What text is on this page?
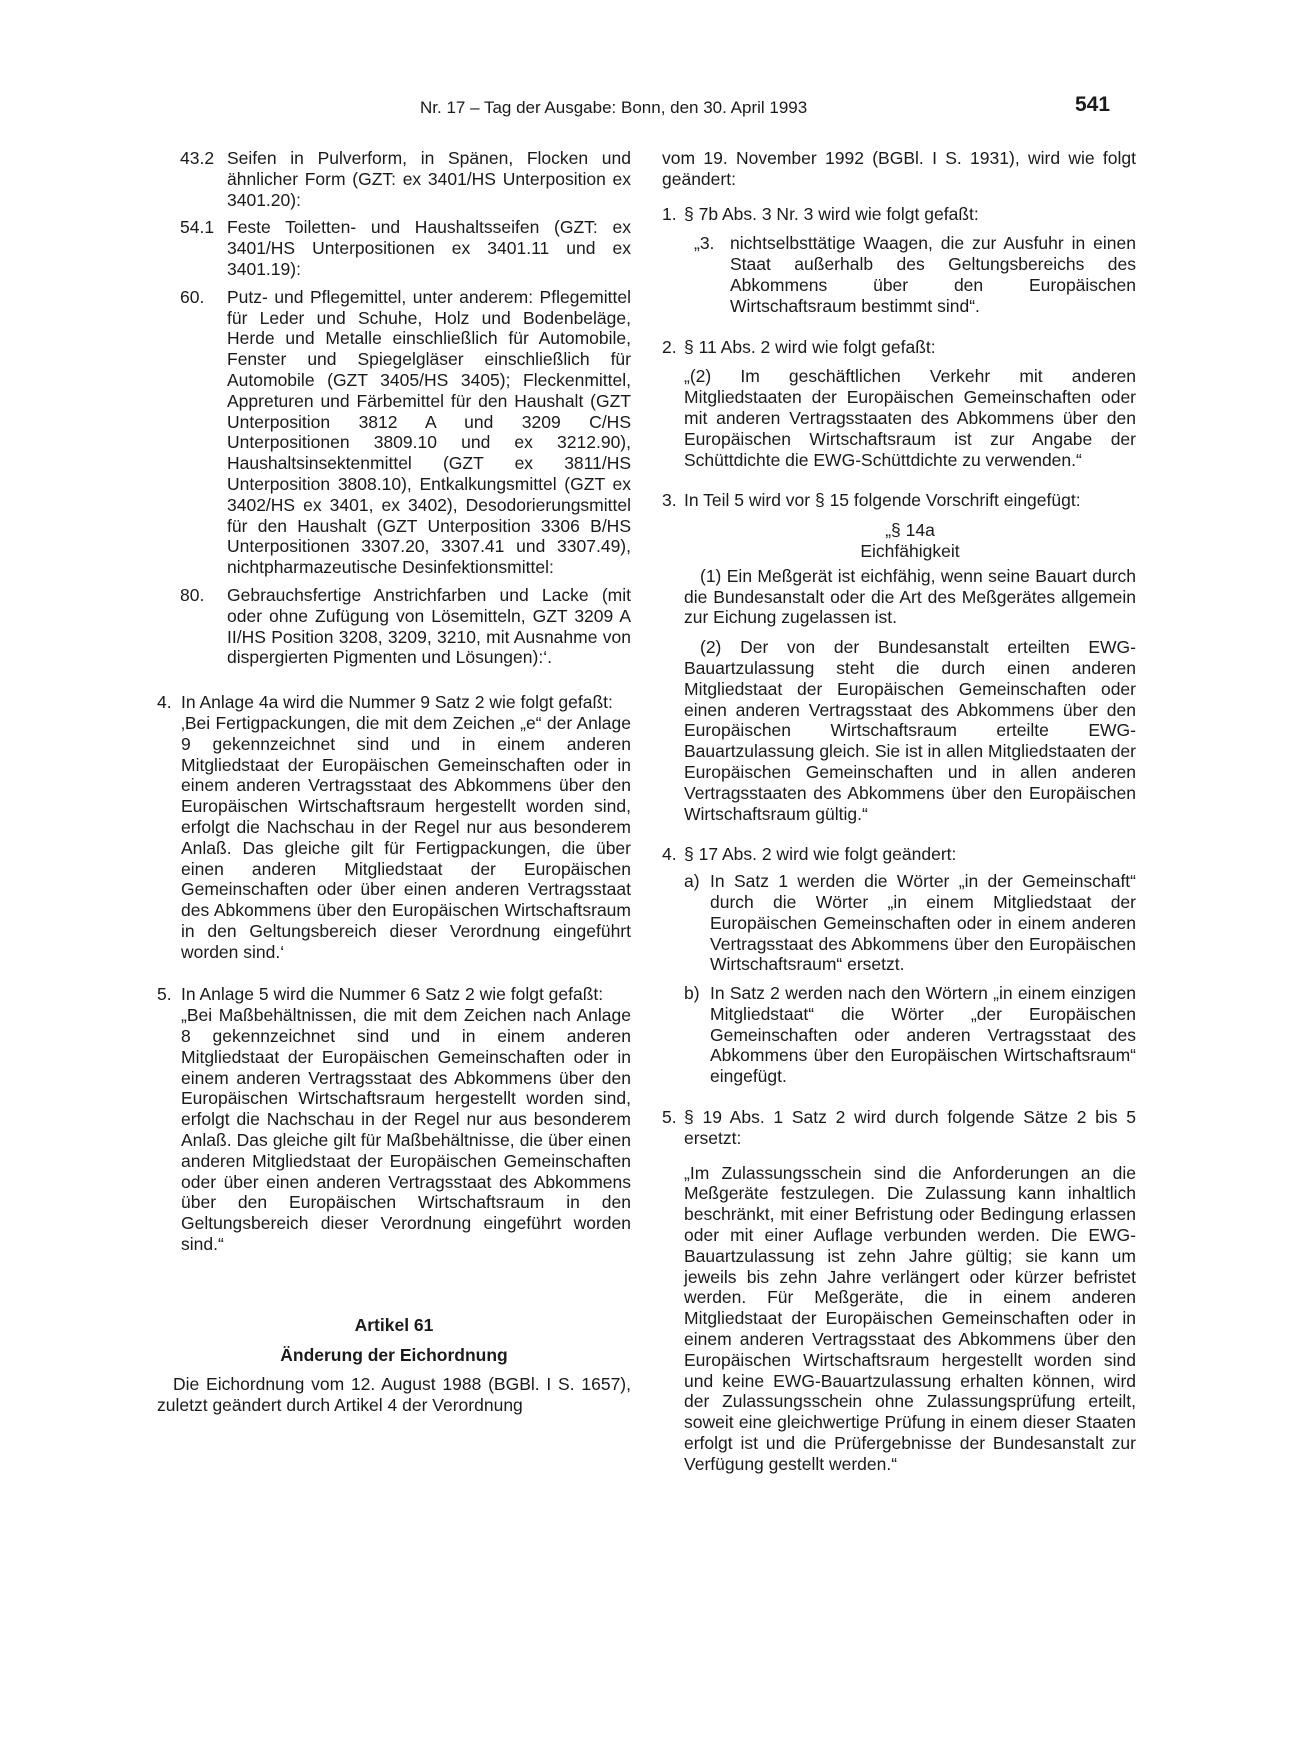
Nr. 17 – Tag der Ausgabe: Bonn, den 30. April 1993	541
43.2 Seifen in Pulverform, in Spänen, Flocken und ähnlicher Form (GZT: ex 3401/HS Unterposition ex 3401.20):
54.1 Feste Toiletten- und Haushaltsseifen (GZT: ex 3401/HS Unterpositionen ex 3401.11 und ex 3401.19):
60.	Putz- und Pflegemittel, unter anderem: Pflegemittel für Leder und Schuhe, Holz und Bodenbeläge, Herde und Metalle einschließlich für Automobile, Fenster und Spiegelgläser einschließlich für Automobile (GZT 3405/HS 3405); Fleckenmittel, Appreturen und Färbemittel für den Haushalt (GZT Unterposition 3812 A und 3209 C/HS Unterpositionen 3809.10 und ex 3212.90), Haushaltsinsektenmittel (GZT ex 3811/HS Unterposition 3808.10), Entkalkungsmittel (GZT ex 3402/HS ex 3401, ex 3402), Desodorierungsmittel für den Haushalt (GZT Unterposition 3306 B/HS Unterpositionen 3307.20, 3307.41 und 3307.49), nichtpharmazeutische Desinfektionsmittel:
80.	Gebrauchsfertige Anstrichfarben und Lacke (mit oder ohne Zufügung von Lösemitteln, GZT 3209 A II/HS Position 3208, 3209, 3210, mit Ausnahme von dispergierten Pigmenten und Lösungen):‘.
4. In Anlage 4a wird die Nummer 9 Satz 2 wie folgt gefaßt:

‚Bei Fertigpackungen, die mit dem Zeichen „e“ der Anlage 9 gekennzeichnet sind und in einem anderen Mitgliedstaat der Europäischen Gemeinschaften oder in einem anderen Vertragsstaat des Abkommens über den Europäischen Wirtschaftsraum hergestellt worden sind, erfolgt die Nachschau in der Regel nur aus besonderem Anlaß. Das gleiche gilt für Fertigpackungen, die über einen anderen Mitgliedstaat der Europäischen Gemeinschaften oder über einen anderen Vertragsstaat des Abkommens über den Europäischen Wirtschaftsraum in den Geltungsbereich dieser Verordnung eingeführt worden sind.‘

5. In Anlage 5 wird die Nummer 6 Satz 2 wie folgt gefaßt:

„Bei Maßbehältnissen, die mit dem Zeichen nach Anlage 8 gekennzeichnet sind und in einem anderen Mitgliedstaat der Europäischen Gemeinschaften oder in einem anderen Vertragsstaat des Abkommens über den Europäischen Wirtschaftsraum hergestellt worden sind, erfolgt die Nachschau in der Regel nur aus besonderem Anlaß. Das gleiche gilt für Maßbehältnisse, die über einen anderen Mitgliedstaat der Europäischen Gemeinschaften oder über einen anderen Vertragsstaat des Abkommens über den Europäischen Wirtschaftsraum in den Geltungsbereich dieser Verordnung eingeführt worden sind.“

Artikel 61

Änderung der Eichordnung

Die Eichordnung vom 12. August 1988 (BGBl. I S. 1657), zuletzt geändert durch Artikel 4 der Verordnung

vom 19. November 1992 (BGBl. I S. 1931), wird wie folgt geändert:

1. § 7b Abs. 3 Nr. 3 wird wie folgt gefaßt:

„3. nichtselbsttätige Waagen, die zur Ausfuhr in einen Staat außerhalb des Geltungsbereichs des Abkommens über den Europäischen Wirtschaftsraum bestimmt sind“.
2. § 11 Abs. 2 wird wie folgt gefaßt:

„(2) Im geschäftlichen Verkehr mit anderen Mitgliedstaaten der Europäischen Gemeinschaften oder mit anderen Vertragsstaaten des Abkommens über den Europäischen Wirtschaftsraum ist zur Angabe der Schüttdichte die EWG-Schüttdichte zu verwenden.“

3. In Teil 5 wird vor § 15 folgende Vorschrift eingefügt:

„§ 14a

Eichfähigkeit

(1) Ein Meßgerät ist eichfähig, wenn seine Bauart durch die Bundesanstalt oder die Art des Meßgerätes allgemein zur Eichung zugelassen ist.

(2) Der von der Bundesanstalt erteilten EWG-Bauartzulassung steht die durch einen anderen Mitgliedstaat der Europäischen Gemeinschaften oder einen anderen Vertragsstaat des Abkommens über den Europäischen Wirtschaftsraum erteilte EWG-Bauartzulassung gleich. Sie ist in allen Mitgliedstaaten der Europäischen Gemeinschaften und in allen anderen Vertragsstaaten des Abkommens über den Europäischen Wirtschaftsraum gültig.“

4. § 17 Abs. 2 wird wie folgt geändert:

a) In Satz 1 werden die Wörter „in der Gemeinschaft“ durch die Wörter „in einem Mitgliedstaat der Europäischen Gemeinschaften oder in einem anderen Vertragsstaat des Abkommens über den Europäischen Wirtschaftsraum“ ersetzt.
b) In Satz 2 werden nach den Wörtern „in einem einzigen Mitgliedstaat“ die Wörter „der Europäischen Gemeinschaften oder anderen Vertragsstaat des Abkommens über den Europäischen Wirtschaftsraum“ eingefügt.
5. § 19 Abs. 1 Satz 2 wird durch folgende Sätze 2 bis 5 ersetzt:

„Im Zulassungsschein sind die Anforderungen an die Meßgeräte festzulegen. Die Zulassung kann inhaltlich beschränkt, mit einer Befristung oder Bedingung erlassen oder mit einer Auflage verbunden werden. Die EWG-Bauartzulassung ist zehn Jahre gültig; sie kann um jeweils bis zehn Jahre verlängert oder kürzer befristet werden. Für Meßgeräte, die in einem anderen Mitgliedstaat der Europäischen Gemeinschaften oder in einem anderen Vertragsstaat des Abkommens über den Europäischen Wirtschaftsraum hergestellt worden sind und keine EWG-Bauartzulassung erhalten können, wird der Zulassungsschein ohne Zulassungsprüfung erteilt, soweit eine gleichwertige Prüfung in einem dieser Staaten erfolgt ist und die Prüfergebnisse der Bundesanstalt zur Verfügung gestellt werden.“
